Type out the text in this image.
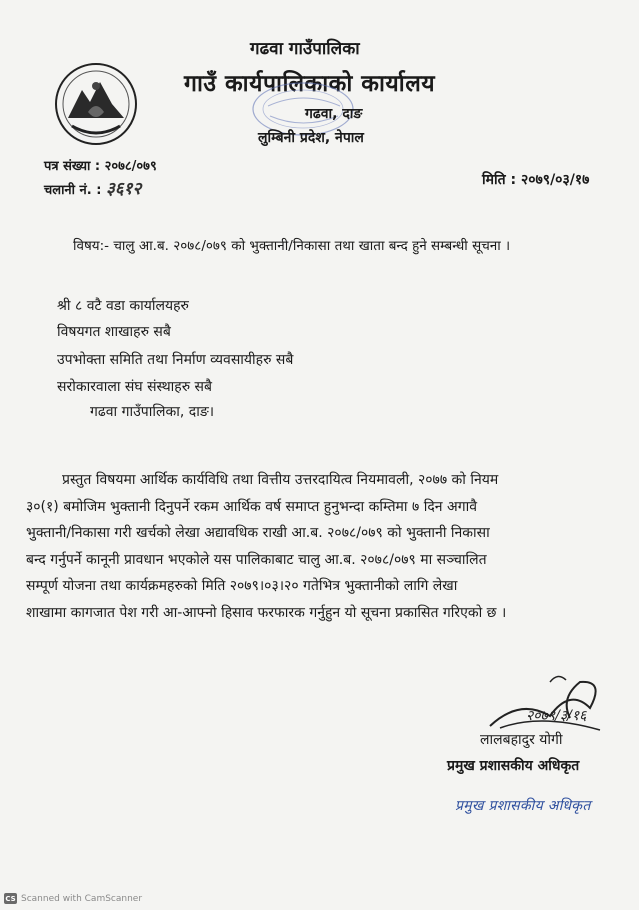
गढवा गाउँपालिका
गाउँ कार्यपालिकाको कार्यालय
गढवा, दाङ
लुम्बिनी प्रदेश, नेपाल
पत्र संख्या : २०७८/०७९
चलानी नं. : ३६१२	मिति : २०७९/०३/१७
विषय:- चालु आ.ब. २०७८/०७९ को भुक्तानी/निकासा तथा खाता बन्द हुने सम्बन्धी सूचना ।
श्री ८ वटै वडा कार्यालयहरु
विषयगत शाखाहरु सबै
उपभोक्ता समिति तथा निर्माण व्यवसायीहरु सबै
सरोकारवाला संघ संस्थाहरु सबै
गढवा गाउँपालिका, दाङ।
प्रस्तुत विषयमा आर्थिक कार्यविधि तथा वित्तीय उत्तरदायित्व नियमावली, २०७७ को नियम
३०(१) बमोजिम भुक्तानी दिनुपर्ने रकम आर्थिक वर्ष समाप्त हुनुभन्दा कम्तिमा ७ दिन अगावै
भुक्तानी/निकासा गरी खर्चको लेखा अद्यावधिक राखी आ.ब. २०७८/०७९ को भुक्तानी निकासा
बन्द गर्नुपर्ने कानूनी प्रावधान भएकोले यस पालिकाबाट चालु आ.ब. २०७८/०७९ मा सञ्चालित
सम्पूर्ण योजना तथा कार्यक्रमहरुको मिति २०७९।०३।२० गतेभित्र भुक्तानीको लागि लेखा
शाखामा कागजात पेश गरी आ-आफ्नो हिसाव फरफारक गर्नुहुन यो सूचना प्रकासित गरिएको छ ।
२०७९/३/१६
लालबहादुर योगी
प्रमुख प्रशासकीय अधिकृत
प्रमुख प्रशासकीय अधिकृत
CS Scanned with CamScanner
